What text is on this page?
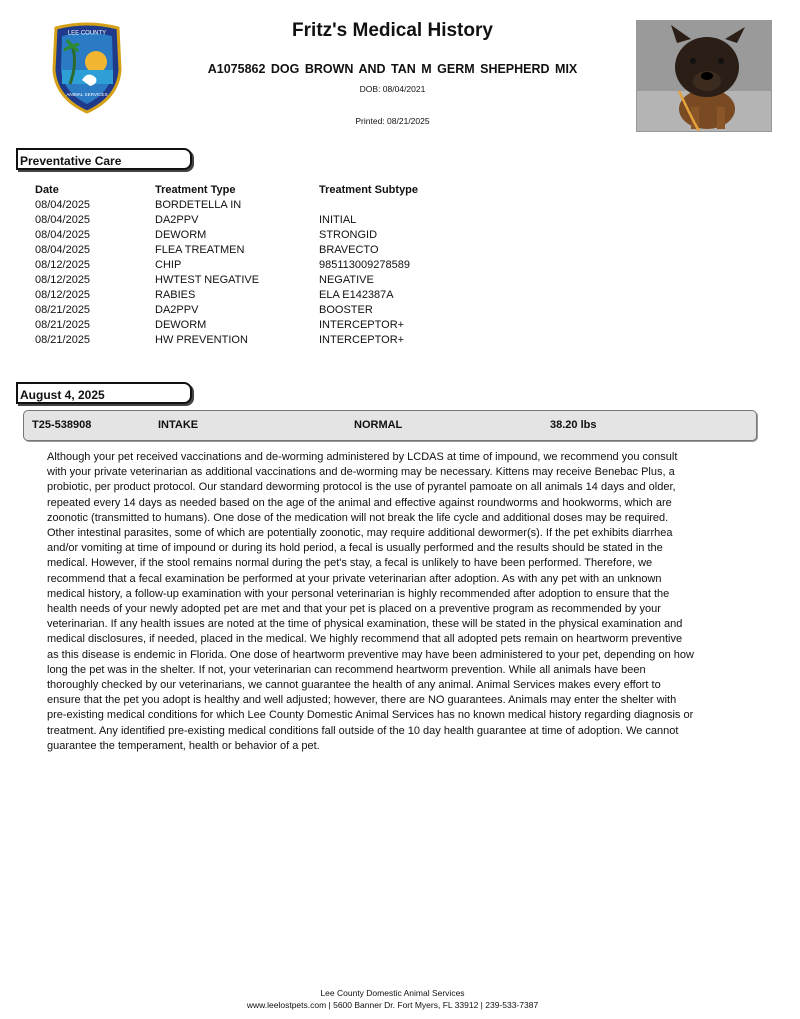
LEE COUNTY
ANIMAL SERVICES
Fritz's Medical History
A1075862 DOG BROWN AND TAN M GERM SHEPHERD MIX
DOB: 08/04/2021
Printed: 08/21/2025
Preventative Care
Date	Treatment Type	Treatment Subtype
08/04/2025	BORDETELLA IN
08/04/2025	DA2PPV	INITIAL
08/04/2025	DEWORM	STRONGID
08/04/2025	FLEA TREATMEN	BRAVECTO
08/12/2025	CHIP	985113009278589
08/12/2025	HWTEST NEGATIVE	NEGATIVE
08/12/2025	RABIES	ELA E142387A
08/21/2025	DA2PPV	BOOSTER
08/21/2025	DEWORM	INTERCEPTOR+
08/21/2025	HW PREVENTION	INTERCEPTOR+
August 4, 2025
T25-538908	INTAKE	NORMAL	38.20 lbs
Although your pet received vaccinations and de-worming administered by LCDAS at time of impound, we recommend you consult with your private veterinarian as additional vaccinations and de-worming may be necessary. Kittens may receive Benebac Plus, a probiotic, per product protocol. Our standard deworming protocol is the use of pyrantel pamoate on all animals 14 days and older, repeated every 14 days as needed based on the age of the animal and effective against roundworms and hookworms, which are zoonotic (transmitted to humans). One dose of the medication will not break the life cycle and additional doses may be required. Other intestinal parasites, some of which are potentially zoonotic, may require additional dewormer(s). If the pet exhibits diarrhea and/or vomiting at time of impound or during its hold period, a fecal is usually performed and the results should be stated in the medical. However, if the stool remains normal during the pet's stay, a fecal is unlikely to have been performed. Therefore, we recommend that a fecal examination be performed at your private veterinarian after adoption. As with any pet with an unknown medical history, a follow-up examination with your personal veterinarian is highly recommended after adoption to ensure that the health needs of your newly adopted pet are met and that your pet is placed on a preventive program as recommended by your veterinarian. If any health issues are noted at the time of physical examination, these will be stated in the physical examination and medical disclosures, if needed, placed in the medical. We highly recommend that all adopted pets remain on heartworm preventive as this disease is endemic in Florida. One dose of heartworm preventive may have been administered to your pet, depending on how long the pet was in the shelter. If not, your veterinarian can recommend heartworm prevention. While all animals have been thoroughly checked by our veterinarians, we cannot guarantee the health of any animal. Animal Services makes every effort to ensure that the pet you adopt is healthy and well adjusted; however, there are NO guarantees. Animals may enter the shelter with pre-existing medical conditions for which Lee County Domestic Animal Services has no known medical history regarding diagnosis or treatment. Any identified pre-existing medical conditions fall outside of the 10 day health guarantee at time of adoption. We cannot guarantee the temperament, health or behavior of a pet.
Lee County Domestic Animal Services
www.leelostpets.com | 5600 Banner Dr. Fort Myers, FL 33912 | 239-533-7387
